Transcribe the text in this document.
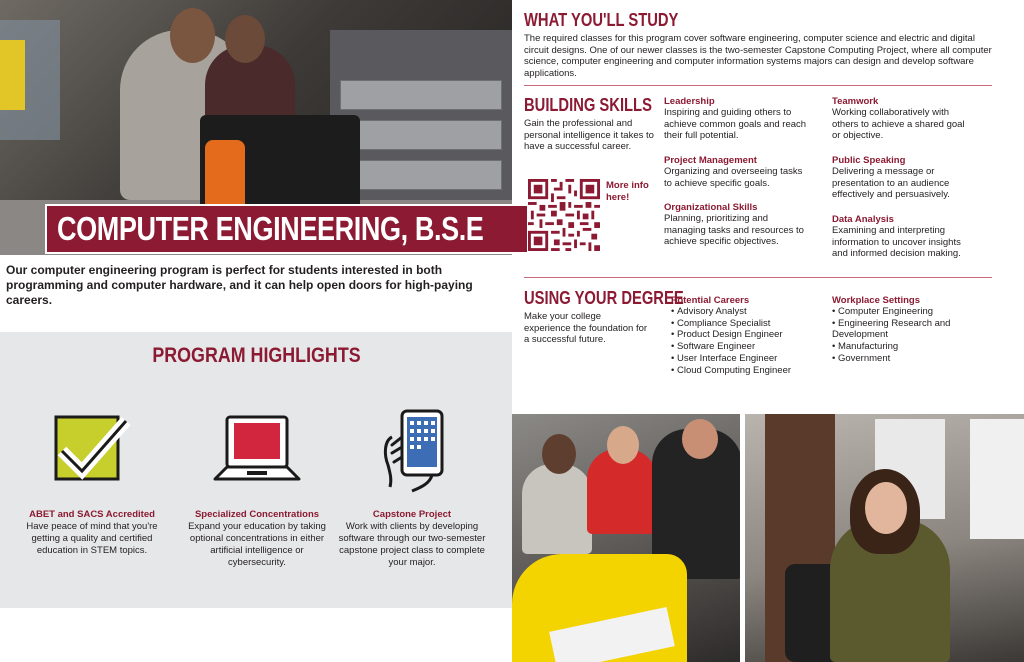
COMPUTER ENGINEERING, B.S.E

Our computer engineering program is perfect for students interested in both programming and computer hardware, and it can help open doors for high-paying careers.

PROGRAM HIGHLIGHTS
ABET and SACS Accredited
Have peace of mind that you're getting a quality and certified education in STEM topics.
Specialized Concentrations
Expand your education by taking optional concentrations in either artificial intelligence or cybersecurity.
Capstone Project
Work with clients by developing software through our two-semester capstone project class to complete your major.
WHAT YOU'LL STUDY

The required classes for this program cover software engineering, computer science and electric and digital circuit designs. One of our newer classes is the two-semester Capstone Computing Project, where all computer science, computer engineering and computer information systems majors can design and develop software applications.

BUILDING SKILLS

Gain the professional and personal intelligence it takes to have a successful career.

More info
here!
Leadership

Inspiring and guiding others to achieve common goals and reach their full potential.

Project Management

Organizing and overseeing tasks to achieve specific goals.

Organizational Skills

Planning, prioritizing and managing tasks and resources to achieve specific objectives.

Teamwork

Working collaboratively with others to achieve a shared goal or objective.

Public Speaking

Delivering a message or presentation to an audience effectively and persuasively.

Data Analysis

Examining and interpreting information to uncover insights and informed decision making.

USING YOUR DEGREE

Make your college experience the foundation for a successful future.

Potential Careers
• Advisory Analyst
• Compliance Specialist
• Product Design Engineer
• Software Engineer
• User Interface Engineer
• Cloud Computing Engineer
Workplace Settings
• Computer Engineering
• Engineering Research and Development
• Manufacturing
• Government
